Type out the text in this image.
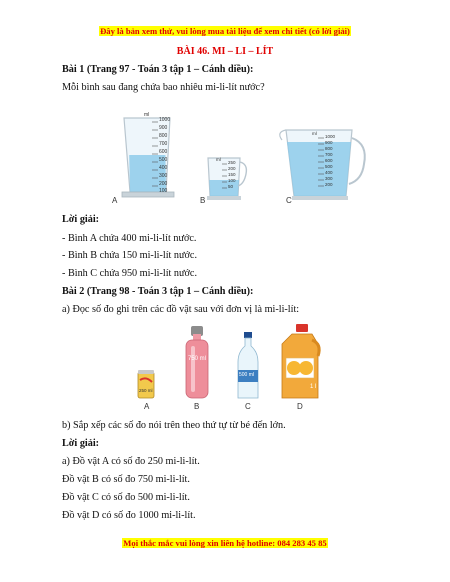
Đây là bản xem thử, vui lòng mua tài liệu để xem chi tiết (có lời giải)
BÀI 46. MI – LI – LÍT
Bài 1 (Trang 97 - Toán 3 tập 1 – Cánh diều):
Mỗi bình sau đang chứa bao nhiêu mi-li-lít nước?
ml
1000
900
800
700
600
500
400
300
200
100
ml
250
200
150
100
50
ml
1000
900
800
700
600
500
400
300
200
A	B	C
Lời giải:
- Bình A chứa 400 mi-li-lít nước.
- Bình B chứa 150 mi-li-lít nước.
- Bình C chứa 950 mi-li-lít nước.
Bài 2 (Trang 98 - Toán 3 tập 1 – Cánh diều):
a) Đọc số đo ghi trên các đồ vật sau với đơn vị là mi-li-lít:
250 ml
750 ml
500 ml
1 l
A	B	C	D
b) Sắp xếp các số đo nói trên theo thứ tự từ bé đến lớn.
Lời giải:
a) Đồ vật A có số đo 250 mi-li-lít.
Đồ vật B có số đo 750 mi-li-lít.
Đồ vật C có số đo 500 mi-li-lít.
Đồ vật D có số đo 1000 mi-li-lít.
Mọi thắc mắc vui lòng xin liên hệ hotline: 084 283 45 85
